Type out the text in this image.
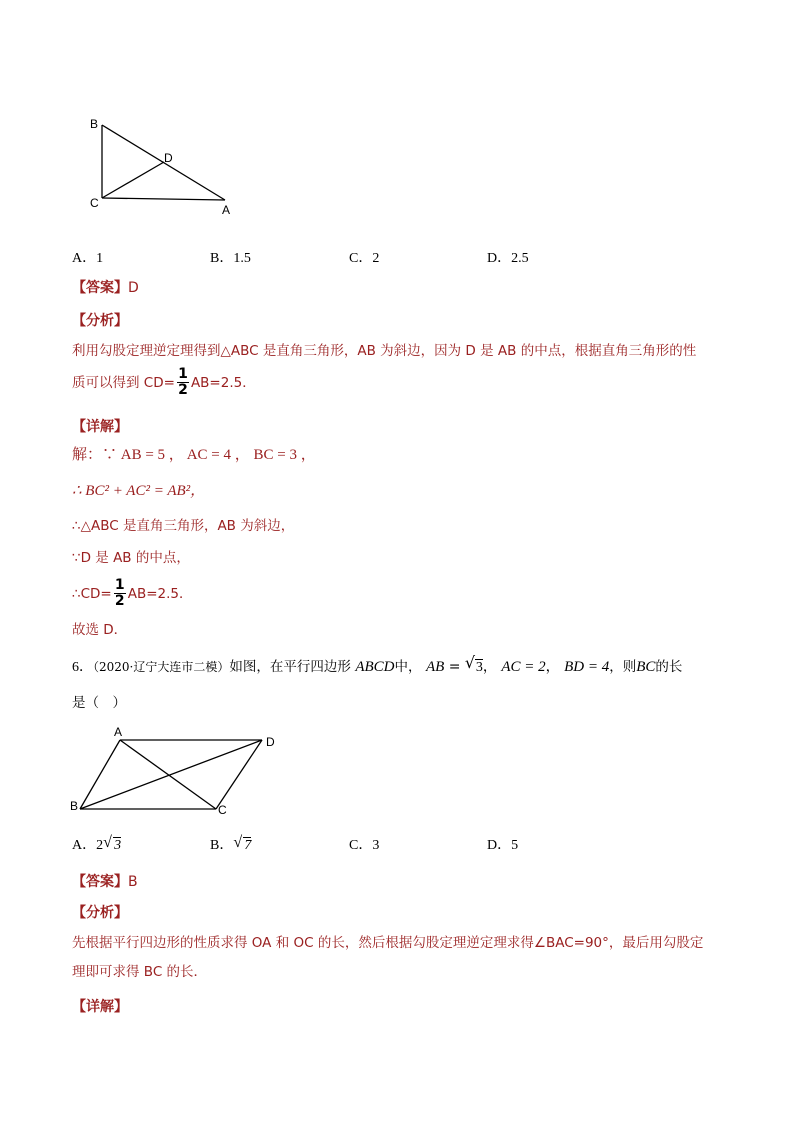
B
D
C	A
A．1	B．1.5	C．2	D．2.5
【答案】D
【分析】
利用勾股定理逆定理得到△ABC 是直角三角形，AB 为斜边，因为 D 是 AB 的中点，根据直角三角形的性
质可以得到 $CD= \frac{1}{2} AB=2.5$．
【详解】
解：∵ AB = 5 ， AC = 4 ， BC = 3 ，
∴ BC² + AC² = AB²，
∴△ABC 是直角三角形，AB 为斜边，
∵D 是 AB 的中点，
∴CD= $\frac{1}{2} AB=2.5$．
故选 D．
6．（2020·辽宁大连市二模）如图，在平行四边形 ABCD中， AB = √ 3， AC = 2， BD = 4，则BC的长
是（　）
A
D
B	C
A．2 √ 3	B． √ 7	C．3	D．5
【答案】B
【分析】
先根据平行四边形的性质求得 OA 和 OC 的长，然后根据勾股定理逆定理求得∠BAC=90°，最后用勾股定
理即可求得 BC 的长．
【详解】
